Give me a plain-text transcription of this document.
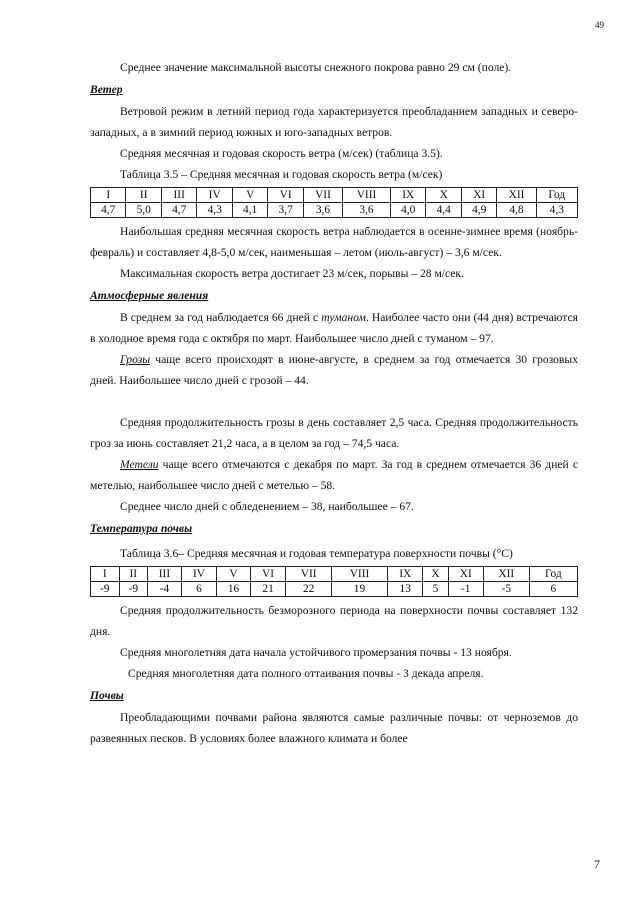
49

Среднее значение максимальной высоты снежного покрова равно 29 см (поле).

Ветер

Ветровой режим в летний период года характеризуется преобладанием западных и северо-западных, а в зимний период южных и юго-западных ветров.

Средняя месячная и годовая скорость ветра (м/сек) (таблица 3.5).

Таблица 3.5 – Средняя месячная и годовая скорость ветра (м/сек)

I	II	III	IV	V	VI	VII	VIII	IX	X	XI	XII	Год
4,7	5,0	4,7	4,3	4,1	3,7	3,6	3,6	4,0	4,4	4,9	4,8	4,3

Наибольшая средняя месячная скорость ветра наблюдается в осенне-зимнее время (ноябрь-февраль) и составляет 4,8-5,0 м/сек, наименьшая – летом (июль-август) – 3,6 м/сек.

Максимальная скорость ветра достигает 23 м/сек, порывы – 28 м/сек.

Атмосферные явления

В среднем за год наблюдается 66 дней с туманом. Наиболее часто они (44 дня) встречаются в холодное время года с октября по март. Наибольшее число дней с туманом – 97.

Грозы чаще всего происходят в июне-августе, в среднем за год отмечается 30 грозовых дней. Наибольшее число дней с грозой – 44.

Средняя продолжительность грозы в день составляет 2,5 часа. Средняя продолжительность гроз за июнь составляет 21,2 часа, а в целом за год – 74,5 часа.

Метели чаще всего отмечаются с декабря по март. За год в среднем отмечается 36 дней с метелью, наибольшее число дней с метелью – 58.

Среднее число дней с обледенением – 38, наибольшее – 67.

Температура почвы

Таблица 3.6– Средняя месячная и годовая температура поверхности почвы (°С)

I	II	III	IV	V	VI	VII	VIII	IX	X	XI	XII	Год
-9	-9	-4	6	16	21	22	19	13	5	-1	-5	6

Средняя продолжительность безморозного периода на поверхности почвы составляет 132 дня.

Средняя многолетняя дата начала устойчивого промерзания почвы - 13 ноября.

Средняя многолетняя дата полного оттаивания почвы - 3 декада апреля.

Почвы

Преобладающими почвами района являются самые различные почвы: от черноземов до развеянных песков. В условиях более влажного климата и более

7
